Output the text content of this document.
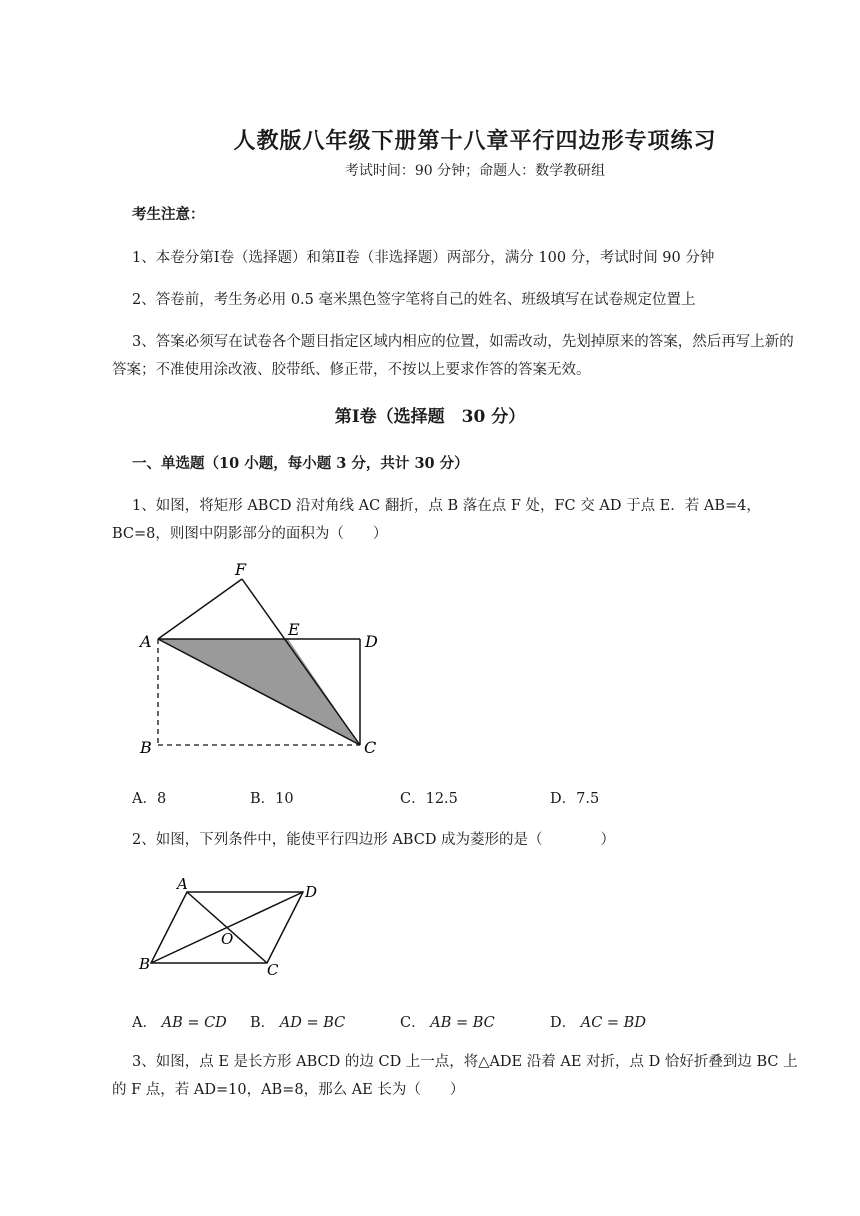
人教版八年级下册第十八章平行四边形专项练习
考试时间：90 分钟；命题人：数学教研组
考生注意：
1、本卷分第Ⅰ卷（选择题）和第Ⅱ卷（非选择题）两部分，满分 100 分，考试时间 90 分钟
2、答卷前，考生务必用 0.5 毫米黑色签字笔将自己的姓名、班级填写在试卷规定位置上
3、答案必须写在试卷各个题目指定区域内相应的位置，如需改动，先划掉原来的答案，然后再写上新的答案；不准使用涂改液、胶带纸、修正带，不按以上要求作答的答案无效。
第Ⅰ卷（选择题　30 分）
一、单选题（10 小题，每小题 3 分，共计 30 分）
1、如图，将矩形 ABCD 沿对角线 AC 翻折，点 B 落在点 F 处，FC 交 AD 于点 E．若 AB=4，BC=8，则图中阴影部分的面积为（　　）
F
A
E
D
B	C
A．8	B．10	C．12.5	D．7.5
2、如图，下列条件中，能使平行四边形 ABCD 成为菱形的是（　　　　）
A	D
O
B	C
A． AB = CD B． AD = BC	C． AB = BC	D． AC = BD
3、如图，点 E 是长方形 ABCD 的边 CD 上一点，将△ADE 沿着 AE 对折，点 D 恰好折叠到边 BC 上的 F 点，若 AD=10，AB=8，那么 AE 长为（　　）
